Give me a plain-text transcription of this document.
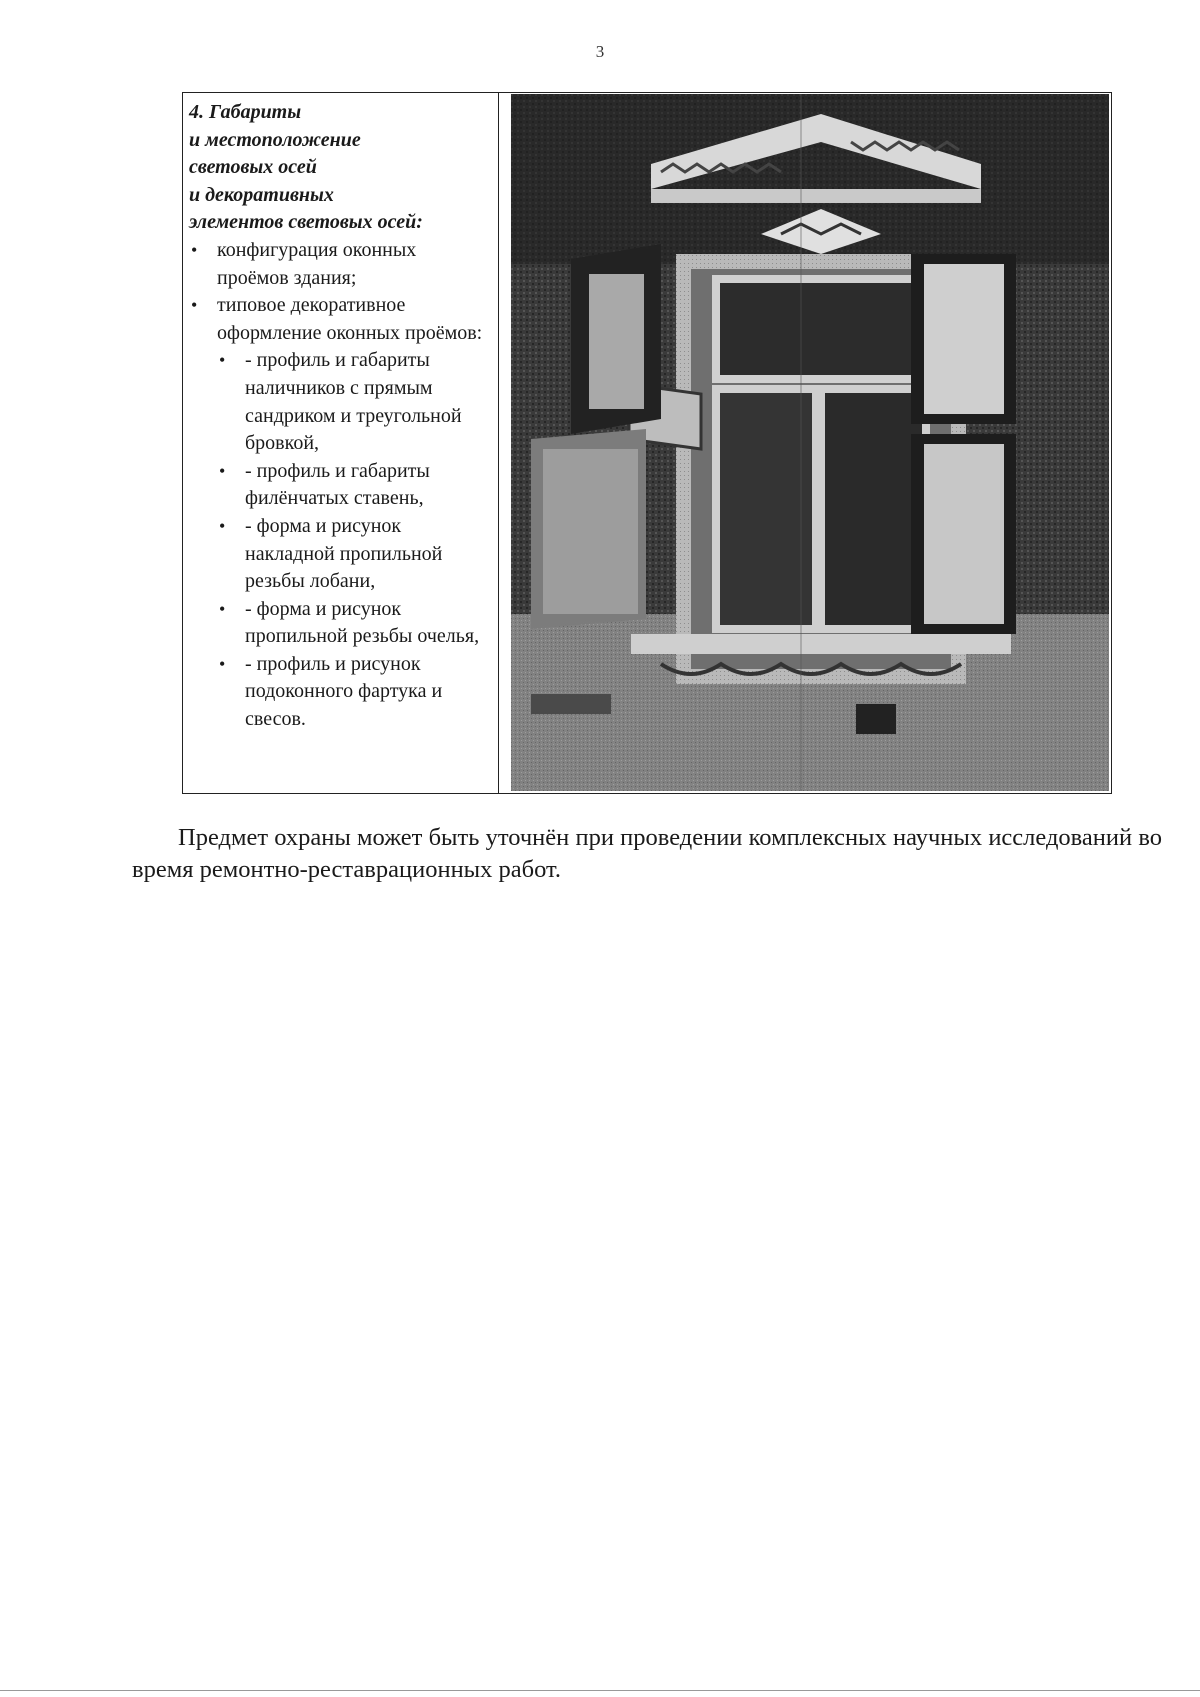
3

4. Габариты
и местоположение
световых осей
и декоративных
элементов световых осей:

• конфигурация оконных проёмов здания;
• типовое декоративное оформление оконных проёмов:
• - профиль и габариты наличников с прямым сандриком и треугольной бровкой,
• - профиль и габариты филёнчатых ставень,
• - форма и рисунок накладной пропильной резьбы лобани,
• - форма и рисунок пропильной резьбы очелья,
• - профиль и рисунок подоконного фартука и свесов.

Предмет охраны может быть уточнён при проведении комплексных научных исследований во время ремонтно-реставрационных работ.
